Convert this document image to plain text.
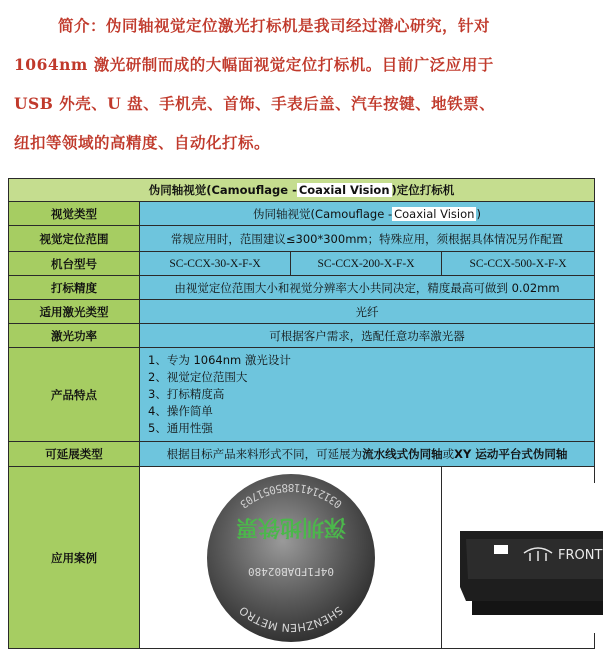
简介：伪同轴视觉定位激光打标机是我司经过潜心研究，针对
1064nm 激光研制而成的大幅面视觉定位打标机。目前广泛应用于
USB 外壳、U 盘、手机壳、首饰、手表后盖、汽车按键、地铁票、
纽扣等领域的高精度、自动化打标。
伪同轴视觉(Camouflage - Coaxial Vision )定位打标机			
视觉类型	伪同轴视觉(Camouflage - Coaxial Vision )		
视觉定位范围	常规应用时，范围建议≤300*300mm；特殊应用，须根据具体情况另作配置		
机台型号	SC-CCX-30-X-F-X	SC-CCX-200-X-F-X	SC-CCX-500-X-F-X
打标精度	由视觉定位范围大小和视觉分辨率大小共同决定，精度最高可做到 0.02mm		
适用激光类型	光纤		
激光功率	可根据客户需求，选配任意功率激光器		
产品特点	1、专为 1064nm 激光设计
2、视觉定位范围大
3、打标精度高
4、操作简单
5、通用性强		

可延展类型	根据目标产品来料形式不同，可延展为流水线式伪同轴或XY 运动平台式伪同轴		
应用案例	深圳地铁票
SHENZHEN METRO
04F1FDAB02480
03121411885051703		FRONT
